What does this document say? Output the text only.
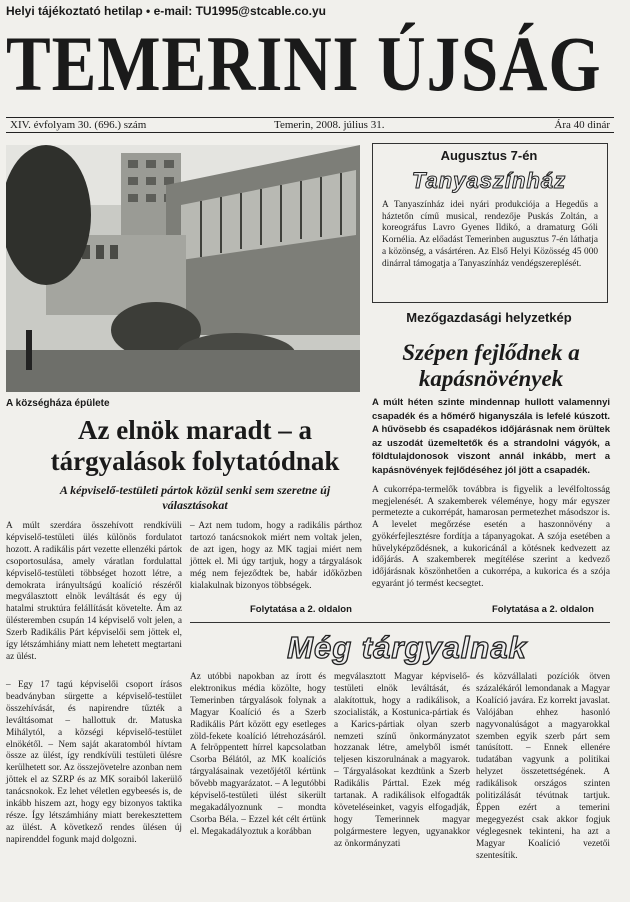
Helyi tájékoztató hetilap • e-mail: TU1995@stcable.co.yu
TEMERINI ÚJSÁG
XIV. évfolyam 30. (696.) szám	Temerin, 2008. július 31.	Ára 40 dinár
A községháza épülete
Augusztus 7-én
Tanyaszínház
A Tanyaszínház idei nyári produkciója a Hegedűs a háztetőn című musical, rendezője Puskás Zoltán, a koreográfus Lavro Gyenes Ildikó, a dramaturg Góli Kornélia. Az előadást Temerinben augusztus 7-én láthatja a közönség, a vásártéren. Az Első Helyi Közösség 45 000 dinárral támogatja a Tanyaszínház vendégszereplését.
Mezőgazdasági helyzetkép
Szépen fejlődnek a kapásnövények
A múlt héten szinte mindennap hullott valamennyi csapadék és a hőmérő higanyszála is lefelé kúszott. A hűvösebb és csapadékos időjárásnak nem örültek az uszodát üzemeltetők és a strandolni vágyók, a földtulajdonosok viszont annál inkább, mert a kapásnövények fejlődéséhez jól jött a csapadék.
A cukorrépa-termelők továbbra is figyelik a levélfoltosság megjelenését. A szakemberek véleménye, hogy már egyszer permetezte a cukorrépát, hamarosan permetezhet másodszor is. A levelet megőrzése esetén a haszonnövény a gyökérfejlesztésre fordítja a tápanyagokat. A szója esetében a hüvelyképződésnek, a kukoricánál a kötésnek kedvezett az időjárás. A szakemberek megítélése szerint a kedvező időjárásnak köszönhetően a cukorrépa, a kukorica és a szója egyaránt jó termést kecsegtet.
Folytatása a 2. oldalon
Az elnök maradt – a tárgyalások folytatódnak
A képviselő-testületi pártok közül senki sem szeretne új választásokat
A múlt szerdára összehívott rendkívüli képviselő-testületi ülés különös fordulatot hozott. A radikális párt vezette ellenzéki pártok csoportosulása, amely váratlan fordulattal képviselő-testületi többséget hozott létre, a demokrata irányultságú koalíció részéről megválasztott elnök leváltását és egy új hatalmi struktúra felállítását követelte. Ám az ülésteremben csupán 14 képviselő volt jelen, a Szerb Radikális Párt képviselői sem jöttek el, így létszámhiány miatt nem lehetett megtartani az ülést.
– Azt nem tudom, hogy a radikális párthoz tartozó tanácsnokok miért nem voltak jelen, de azt igen, hogy az MK tagjai miért nem jöttek el. Mi úgy tartjuk, hogy a tárgyalások még nem fejeződtek be, habár időközben kialakulnak bizonyos többségek.
Folytatása a 2. oldalon
– Egy 17 tagú képviselői csoport írásos beadványban sürgette a képviselő-testület összehívását, és napirendre tűzték a leváltásomat – hallottuk dr. Matuska Mihálytól, a községi képviselő-testület elnökétől. – Nem saját akaratomból hívtam össze az ülést, így rendkívüli testületi ülésre kerülhetett sor. Az összejövetelre azonban nem jöttek el az SZRP és az MK soraiból lakerülő tanácsnokok. Ez lehet véletlen egybeesés is, de inkább hiszem azt, hogy egy bizonyos taktika része. Így létszámhiány miatt berekesztettem az ülést. A következő rendes ülésen új napirenddel fogunk majd dolgozni.
Még tárgyalnak
Az utóbbi napokban az írott és elektronikus média közölte, hogy Temerinben tárgyalások folynak a Magyar Koalíció és a Szerb Radikális Párt között egy esetleges zöld-fekete koalíció létrehozásáról. A felröppentett hírrel kapcsolatban Csorba Bélától, az MK koalíciós tárgyalásainak vezetőjétől kértünk bővebb magyarázatot. – A legutóbbi képviselő-testületi ülést sikerült megakadályoznunk – mondta Csorba Béla. – Ezzel két célt értünk el. Megakadályoztuk a korábban
megválasztott Magyar képviselő-testületi elnök leváltását, és alakítottuk, hogy a radikálisok, a szocialisták, a Kostunica-pártiak és a Karics-pártiak olyan szerb nemzeti színű önkormányzatot hozzanak létre, amelyből ismét teljesen kiszorulnának a magyarok. – Tárgyalásokat kezdtünk a Szerb Radikális Párttal. Ezek még tartanak. A radikálisok elfogadták követeléseinket, vagyis elfogadják, hogy Temerinnek magyar polgármestere legyen, ugyanakkor az önkormányzati
és közvállalati pozíciók ötven százalékáról lemondanak a Magyar Koalíció javára. Ez korrekt javaslat. Valójában ehhez hasonló nagyvonalúságot a magyarokkal szemben egyik szerb párt sem tanúsított. – Ennek ellenére tudatában vagyunk a politikai helyzet összetettségének. A radikálisok országos szinten politizálását tévútnak tartjuk. Éppen ezért a temerini megegyezést csak akkor fogjuk véglegesnek tekinteni, ha azt a Magyar Koalíció vezetői szentesítik.
